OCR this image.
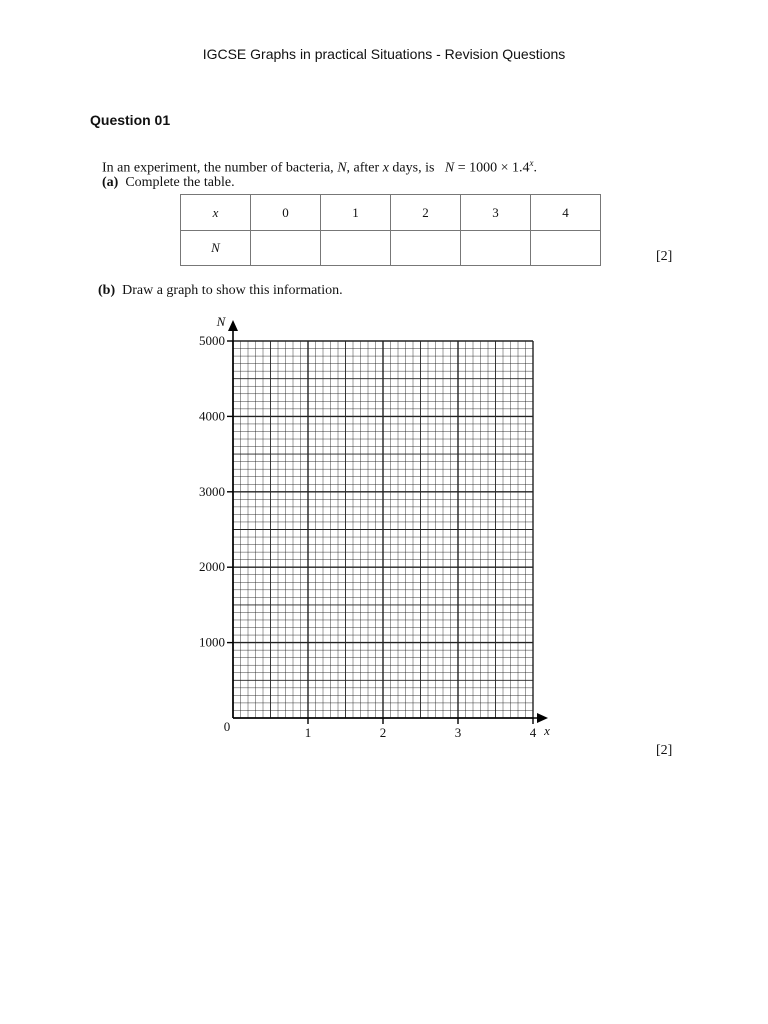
IGCSE Graphs in practical Situations - Revision Questions
Question 01
In an experiment, the number of bacteria, N, after x days, is $N = 1000 \times 1.4^x$.
(a) Complete the table.
x	0	1	2	3	4
N					
[2]
(b) Draw a graph to show this information.
1000
2000
3000
4000
5000
1	2	3	4
0	x
N
[2]
